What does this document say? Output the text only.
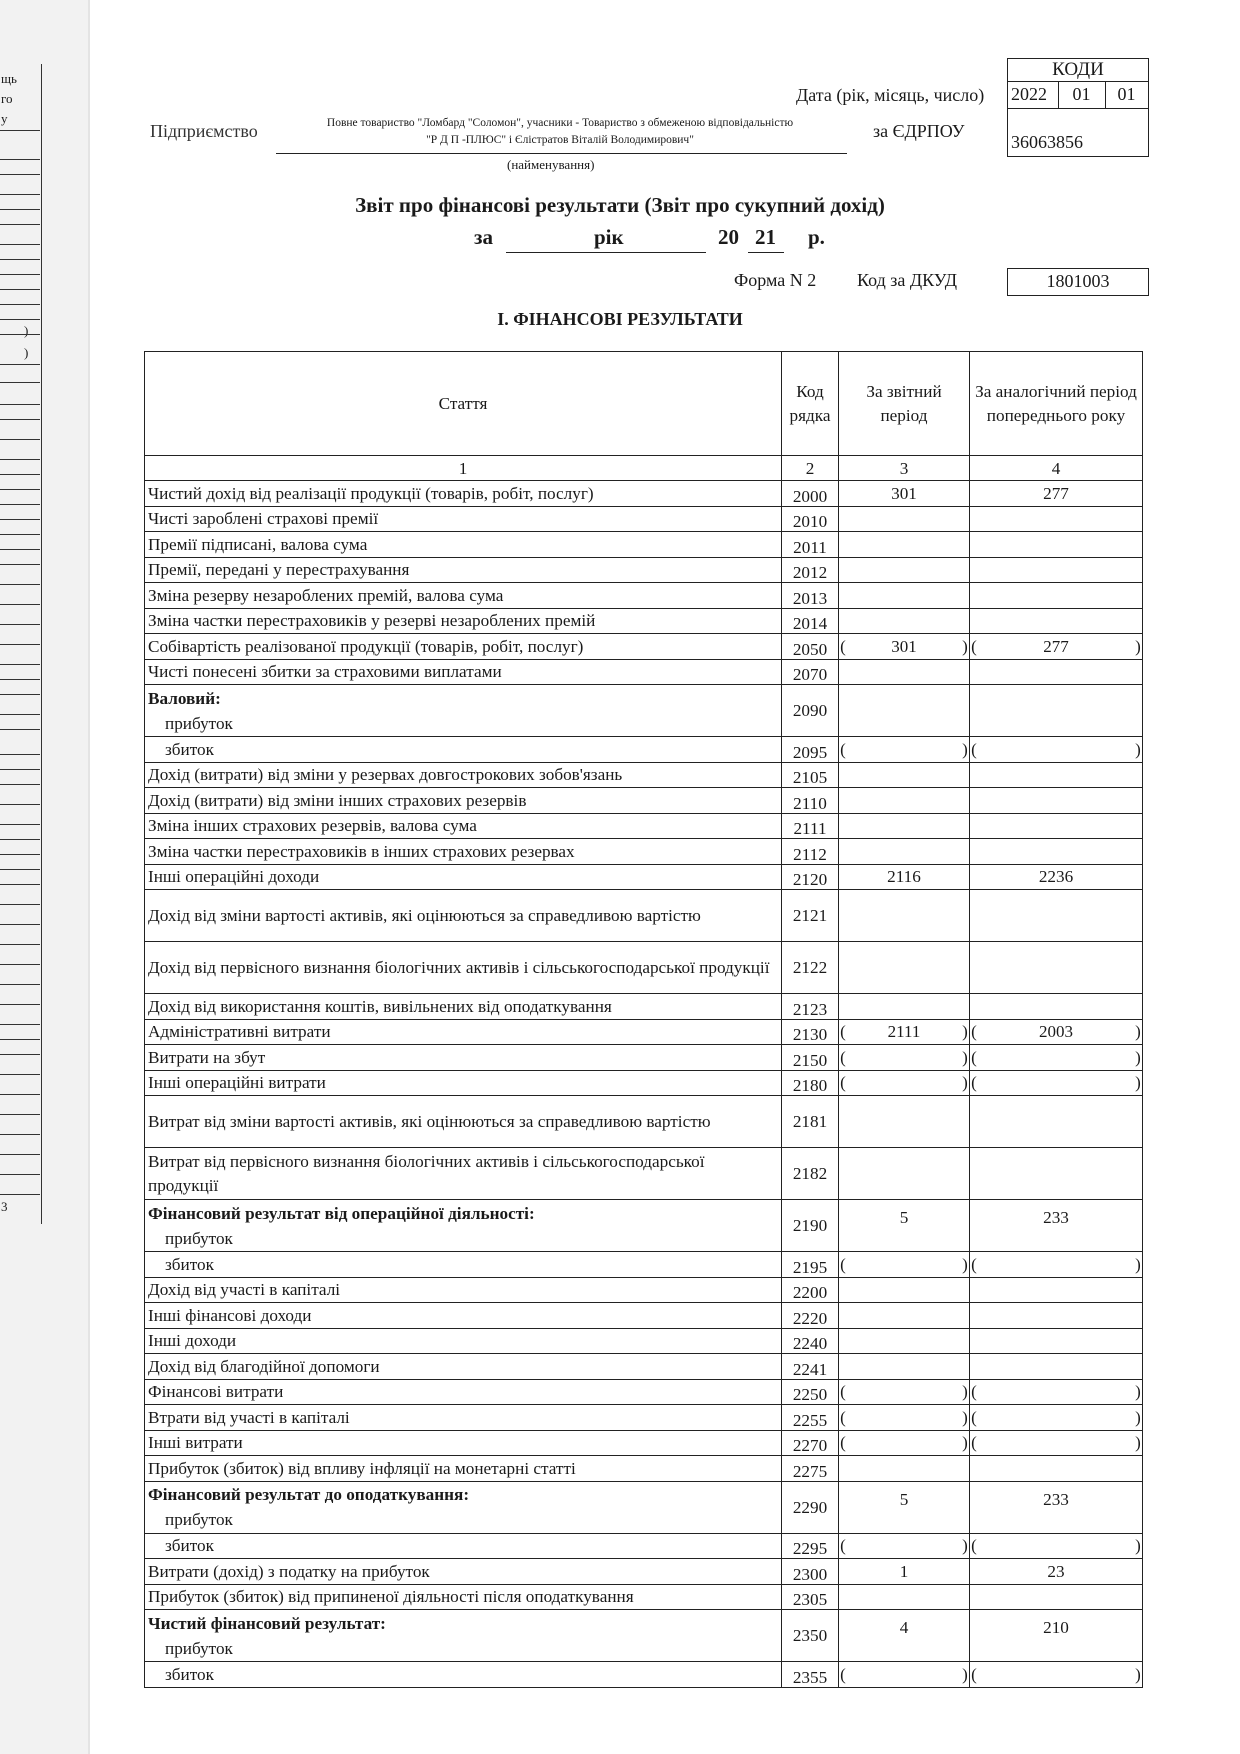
щь
го
у
)
)
3
КОДИ
Дата (рік, місяць, число) 2022	01	01
за ЄДРПОУ
36063856
Підприємство	Повне товариство "Ломбард "Соломон", учасники - Товариство з обмеженою відповідальністю
"Р Д П -ПЛЮС" і Єлістратов Віталій Володимирович"
(найменування)
Звіт про фінансові результати (Звіт про сукупний дохід)
за	рік	20 21 р.
Форма N 2 Код за ДКУД	1801003
I. ФІНАНСОВІ РЕЗУЛЬТАТИ
Стаття	Код рядка	За звітний період	За аналогічний період попереднього року
1	2	3	4
Чистий дохід від реалізації продукції (товарів, робіт, послуг)	2000	301	277
Чисті зароблені страхові премії	2010		
Премії підписані, валова сума	2011		
Премії, передані у перестрахування	2012		
Зміна резерву незароблених премій, валова сума	2013		
Зміна частки перестраховиків у резерві незароблених премій	2014		
Собівартість реалізованої продукції (товарів, робіт, послуг)	2050	( 301 )	( 277 )

Чисті понесені збитки за страховими виплатами	2070		

Валовий:
прибуток	2090		
збиток	2095	( )	( )

Дохід (витрати) від зміни у резервах довгострокових зобов'язань	2105		
Дохід (витрати) від зміни інших страхових резервів	2110		
Зміна інших страхових резервів, валова сума	2111		
Зміна частки перестраховиків в інших страхових резервах	2112		
Інші операційні доходи	2120	2116	2236
Дохід від зміни вартості активів, які оцінюються за справедливою вартістю	2121		
Дохід від первісного визнання біологічних активів і сільськогосподарської продукції	2122		
Дохід від використання коштів, вивільнених від оподаткування	2123		
Адміністративні витрати	2130	( 2111 )	( 2003 )

Витрати на збут	2150	( )	( )

Інші операційні витрати	2180	( )	( )

Витрат від зміни вартості активів, які оцінюються за справедливою вартістю	2181		
Витрат від первісного визнання біологічних активів і сільськогосподарської продукції	2182		

Фінансовий результат від операційної діяльності:
прибуток	2190	5	233
збиток	2195	( )	( )

Дохід від участі в капіталі	2200		
Інші фінансові доходи	2220		
Інші доходи	2240		
Дохід від благодійної допомоги	2241		
Фінансові витрати	2250	( )	( )

Втрати від участі в капіталі	2255	( )	( )

Інші витрати	2270	( )	( )

Прибуток (збиток) від впливу інфляції на монетарні статті	2275		

Фінансовий результат до оподаткування:
прибуток	2290	5	233
збиток	2295	( )	( )

Витрати (дохід) з податку на прибуток	2300	1	23
Прибуток (збиток) від припиненої діяльності після оподаткування	2305		

Чистий фінансовий результат:
прибуток	2350	4	210
збиток	2355	( )	( )
